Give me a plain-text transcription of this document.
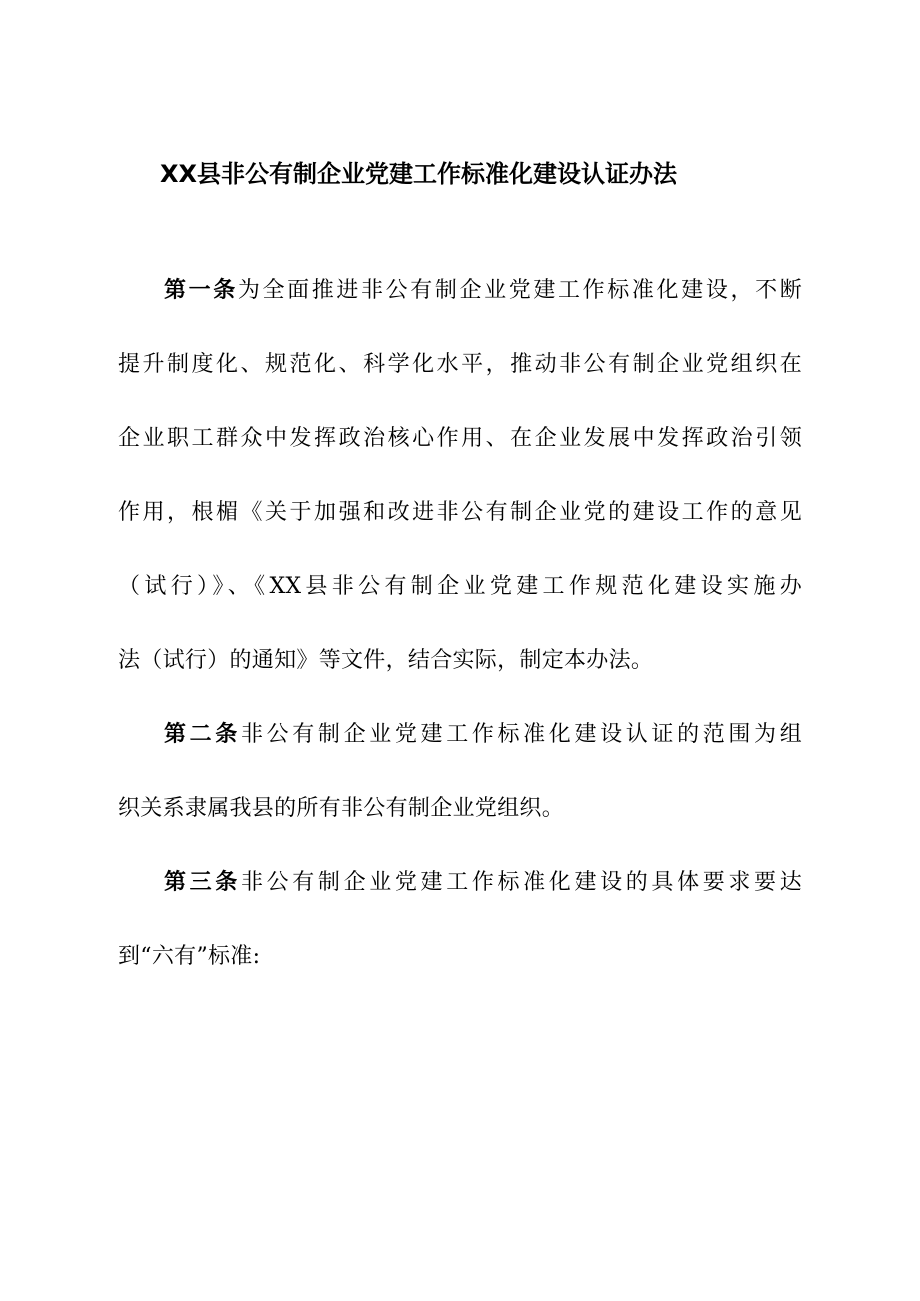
XX县非公有制企业党建工作标准化建设认证办法

第一条为全面推进非公有制企业党建工作标准化建设，不断
提升制度化、规范化、科学化水平，推动非公有制企业党组织在
企业职工群众中发挥政治核心作用、在企业发展中发挥政治引领
作用，根楣《关于加强和改进非公有制企业党的建设工作的意见
（试行）》、《XX县非公有制企业党建工作规范化建设实施办
法（试行）的通知》等文件，结合实际，制定本办法。

第二条非公有制企业党建工作标准化建设认证的范围为组
织关系隶属我县的所有非公有制企业党组织。

第三条非公有制企业党建工作标准化建设的具体要求要达
到“六有”标准:
